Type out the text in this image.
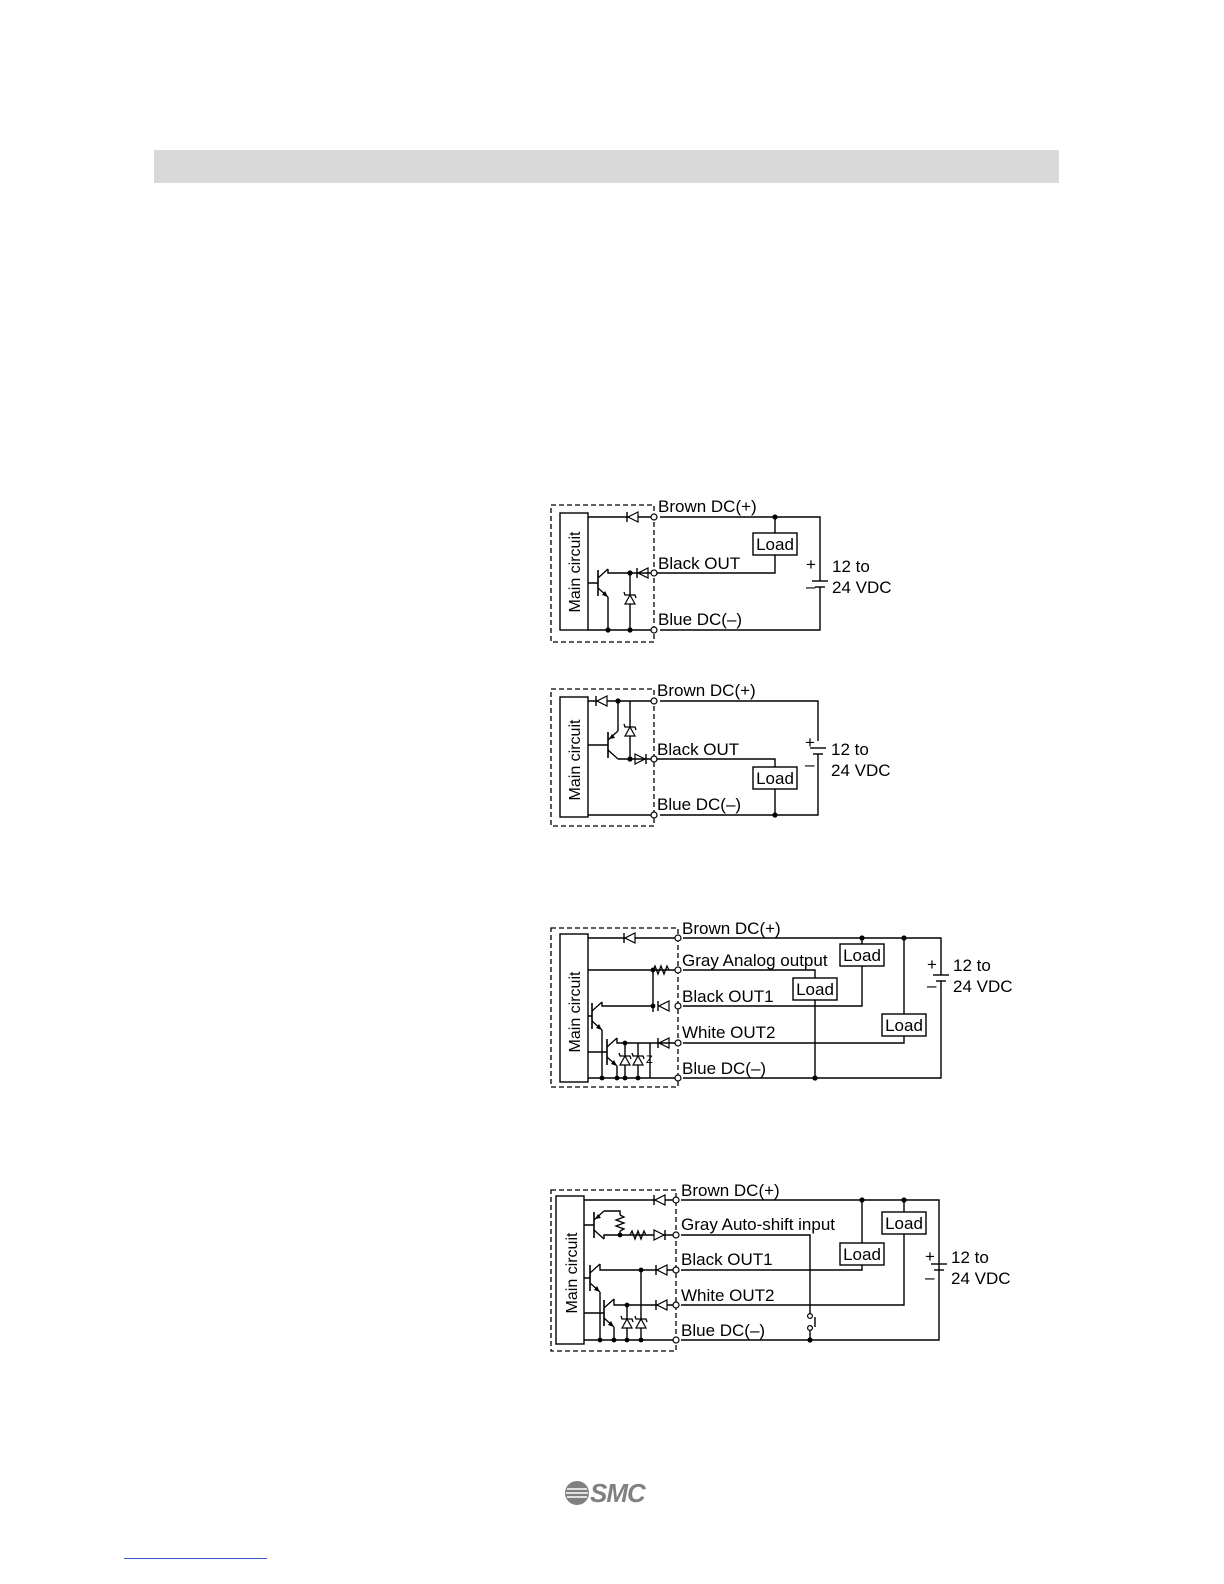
Main circuit	Load
+
–
12 to
24 VDC
Brown DC(+)
Black OUT
Blue DC(–)
Main circuit	Load
+
–
12 to
24 VDC
Brown DC(+)
Black OUT
Blue DC(–)
Main circuit
Load
Load
Load
Z
+
–
12 to
24 VDC
Brown DC(+)
Gray Analog output
Black OUT1
White OUT2
Blue DC(–)
Main circuit	Load
Load
+
–
12 to
24 VDC
Brown DC(+)
Gray Auto-shift input
Black OUT1
White OUT2
Blue DC(–)
SMC
